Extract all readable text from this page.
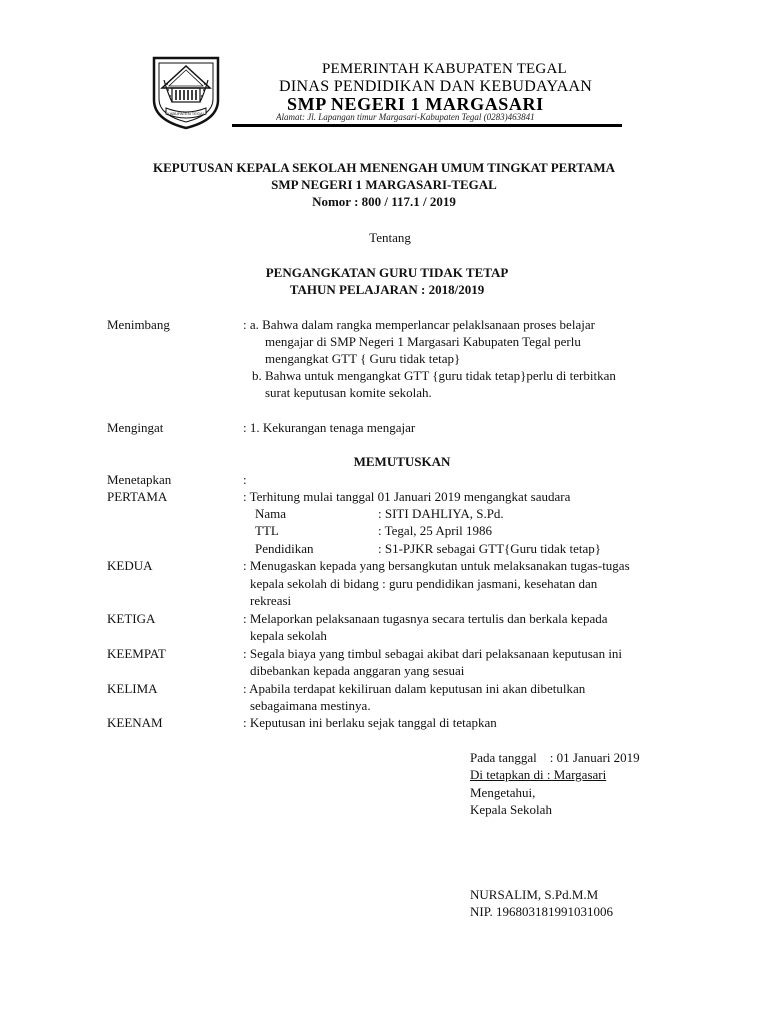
KABUPATEN TEGAL
PEMERINTAH KABUPATEN TEGAL
DINAS PENDIDIKAN DAN KEBUDAYAAN
SMP NEGERI 1 MARGASARI
Alamat: Jl. Lapangan timur Margasari-Kabupaten Tegal (0283)463841
KEPUTUSAN KEPALA SEKOLAH MENENGAH UMUM TINGKAT PERTAMA
SMP NEGERI 1 MARGASARI-TEGAL
Nomor : 800 / 117.1 / 2019
Tentang
PENGANGKATAN GURU TIDAK TETAP
TAHUN PELAJARAN : 2018/2019
Menimbang	: a. Bahwa dalam rangka memperlancar pelaklsanaan proses belajar
mengajar di SMP Negeri 1 Margasari Kabupaten Tegal perlu
mengangkat GTT { Guru tidak tetap}
b. Bahwa untuk mengangkat GTT {guru tidak tetap}perlu di terbitkan
surat keputusan komite sekolah.
Mengingat	: 1. Kekurangan tenaga mengajar
MEMUTUSKAN
Menetapkan	:
PERTAMA	: Terhitung mulai tanggal 01 Januari 2019 mengangkat saudara
Nama	: SITI DAHLIYA, S.Pd.
TTL	: Tegal, 25 April 1986
Pendidikan	: S1-PJKR sebagai GTT{Guru tidak tetap}
KEDUA	: Menugaskan kepada yang bersangkutan untuk melaksanakan tugas-tugas
kepala sekolah di bidang : guru pendidikan jasmani, kesehatan dan
rekreasi
KETIGA	: Melaporkan pelaksanaan tugasnya secara tertulis dan berkala kepada
kepala sekolah
KEEMPAT	: Segala biaya yang timbul sebagai akibat dari pelaksanaan keputusan ini
dibebankan kepada anggaran yang sesuai
KELIMA	: Apabila terdapat kekiliruan dalam keputusan ini akan dibetulkan
sebagaimana mestinya.
KEENAM	: Keputusan ini berlaku sejak tanggal di tetapkan
Pada tanggal    : 01 Januari 2019
Di tetapkan di : Margasari
Mengetahui,
Kepala Sekolah
NURSALIM, S.Pd.M.M
NIP. 196803181991031006
